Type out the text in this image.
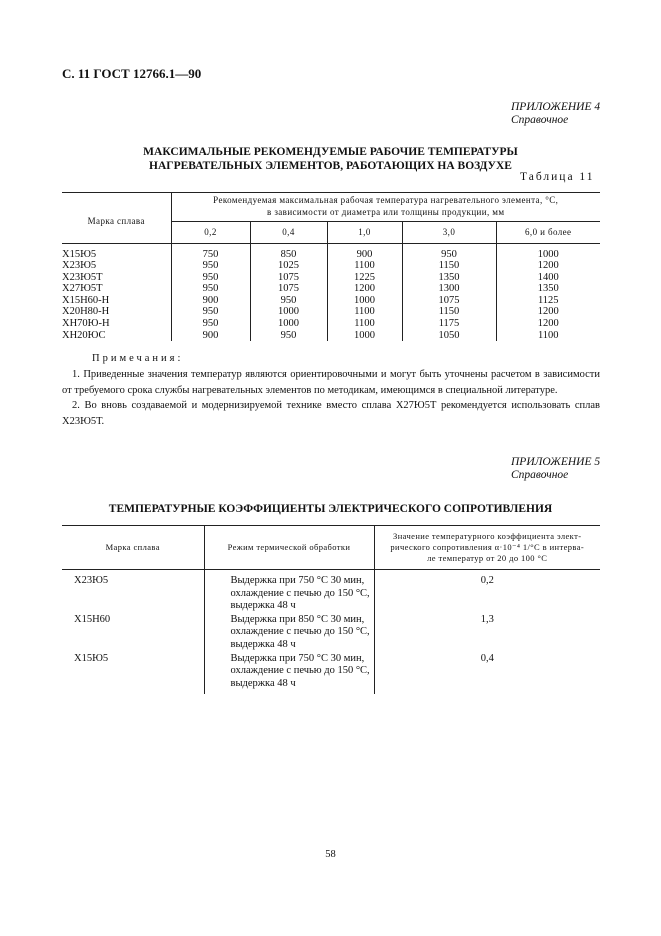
С. 11 ГОСТ 12766.1—90
ПРИЛОЖЕНИЕ 4
Справочное
МАКСИМАЛЬНЫЕ РЕКОМЕНДУЕМЫЕ РАБОЧИЕ ТЕМПЕРАТУРЫ
НАГРЕВАТЕЛЬНЫХ ЭЛЕМЕНТОВ, РАБОТАЮЩИХ НА ВОЗДУХЕ
Таблица 11
Марка сплава	Рекомендуемая максимальная рабочая температура нагревательного элемента, °С,
в зависимости от диаметра или толщины продукции, мм				

	0,2	0,4	1,0	3,0	6,0 и более

Х15Ю5	750	850	900	950	1000
Х23Ю5	950	1025	1100	1150	1200
Х23Ю5Т	950	1075	1225	1350	1400
Х27Ю5Т	950	1075	1200	1300	1350
Х15Н60-Н	900	950	1000	1075	1125
Х20Н80-Н	950	1000	1100	1150	1200
ХН70Ю-Н	950	1000	1100	1175	1200
ХН20ЮС	900	950	1000	1050	1100

Примечания:

1. Приведенные значения температур являются ориентировочными и могут быть уточнены расчетом в зависимости от требуемого срока службы нагревательных элементов по методикам, имеющимся в специальной литературе.

2. Во вновь создаваемой и модернизируемой технике вместо сплава Х27Ю5Т рекомендуется использовать сплав Х23Ю5Т.

ПРИЛОЖЕНИЕ 5
Справочное
ТЕМПЕРАТУРНЫЕ КОЭФФИЦИЕНТЫ ЭЛЕКТРИЧЕСКОГО СОПРОТИВЛЕНИЯ
Марка сплава	Режим термической обработки	Значение температурного коэффициента элект-
рического сопротивления α·10⁻⁴ 1/°С в интерва-
ле температур от 20 до 100 °С

Х23Ю5	Выдержка при 750 °С 30 мин,
охлаждение с печью до 150 °С,
выдержка 48 ч	0,2
Х15Н60	Выдержка при 850 °С 30 мин,
охлаждение с печью до 150 °С,
выдержка 48 ч	1,3
Х15Ю5	Выдержка при 750 °С 30 мин,
охлаждение с печью до 150 °С,
выдержка 48 ч	0,4
58
